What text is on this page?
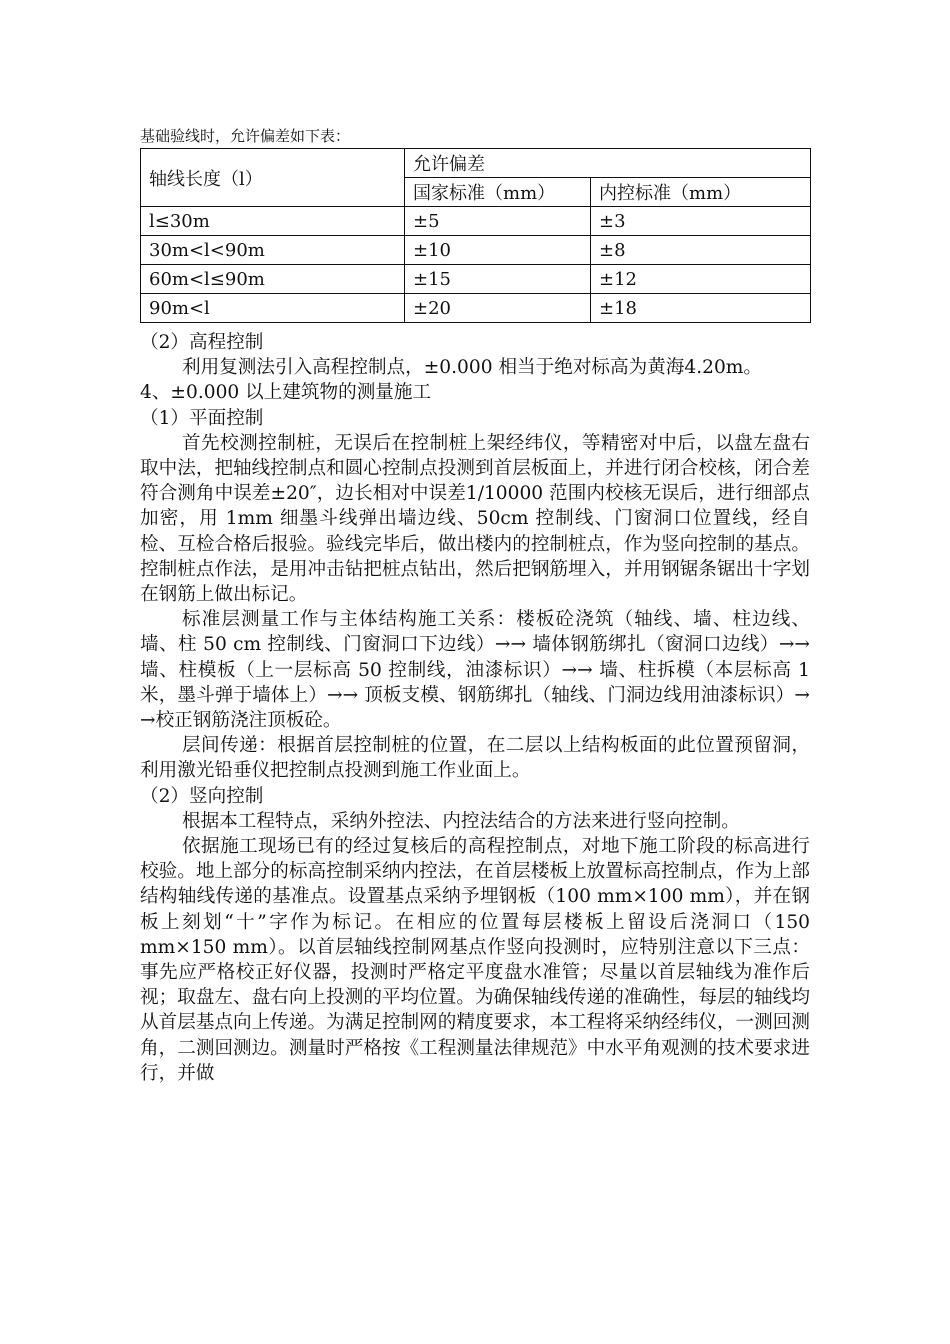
基础验线时，允许偏差如下表：
轴线长度（l）	允许偏差	
	国家标准（mm）	内控标准（mm）
l≤30m	±5	±3
30m<l<90m	±10	±8
60m<l≤90m	±15	±12
90m<l	±20	±18

（2）高程控制

利用复测法引入高程控制点，±0.000 相当于绝对标高为黄海4.20m。

4、±0.000 以上建筑物的测量施工

（1）平面控制

首先校测控制桩，无误后在控制桩上架经纬仪，等精密对中后，以盘左盘右取中法，把轴线控制点和圆心控制点投测到首层板面上，并进行闭合校核，闭合差符合测角中误差±20″，边长相对中误差1/10000 范围内校核无误后，进行细部点加密，用 1mm 细墨斗线弹出墙边线、50cm 控制线、门窗洞口位置线，经自检、互检合格后报验。验线完毕后，做出楼内的控制桩点，作为竖向控制的基点。控制桩点作法，是用冲击钻把桩点钻出，然后把钢筋埋入，并用钢锯条锯出十字划在钢筋上做出标记。

标准层测量工作与主体结构施工关系：楼板砼浇筑（轴线、墙、柱边线、墙、柱 50 cm 控制线、门窗洞口下边线）→→ 墙体钢筋绑扎（窗洞口边线）→→ 墙、柱模板（上一层标高 50 控制线，油漆标识）→→ 墙、柱拆模（本层标高 1 米，墨斗弹于墙体上）→→ 顶板支模、钢筋绑扎（轴线、门洞边线用油漆标识）→ →校正钢筋浇注顶板砼。

层间传递：根据首层控制桩的位置，在二层以上结构板面的此位置预留洞，利用激光铅垂仪把控制点投测到施工作业面上。

（2）竖向控制

根据本工程特点，采纳外控法、内控法结合的方法来进行竖向控制。

依据施工现场已有的经过复核后的高程控制点，对地下施工阶段的标高进行校验。地上部分的标高控制采纳内控法，在首层楼板上放置标高控制点，作为上部结构轴线传递的基准点。设置基点采纳予埋钢板（100 mm×100 mm），并在钢板上刻划“十”字作为标记。在相应的位置每层楼板上留设后浇洞口（150 mm×150 mm）。以首层轴线控制网基点作竖向投测时，应特别注意以下三点：事先应严格校正好仪器，投测时严格定平度盘水准管；尽量以首层轴线为准作后视；取盘左、盘右向上投测的平均位置。为确保轴线传递的准确性，每层的轴线均从首层基点向上传递。为满足控制网的精度要求，本工程将采纳经纬仪，一测回测角，二测回测边。测量时严格按《工程测量法律规范》中水平角观测的技术要求进行，并做
